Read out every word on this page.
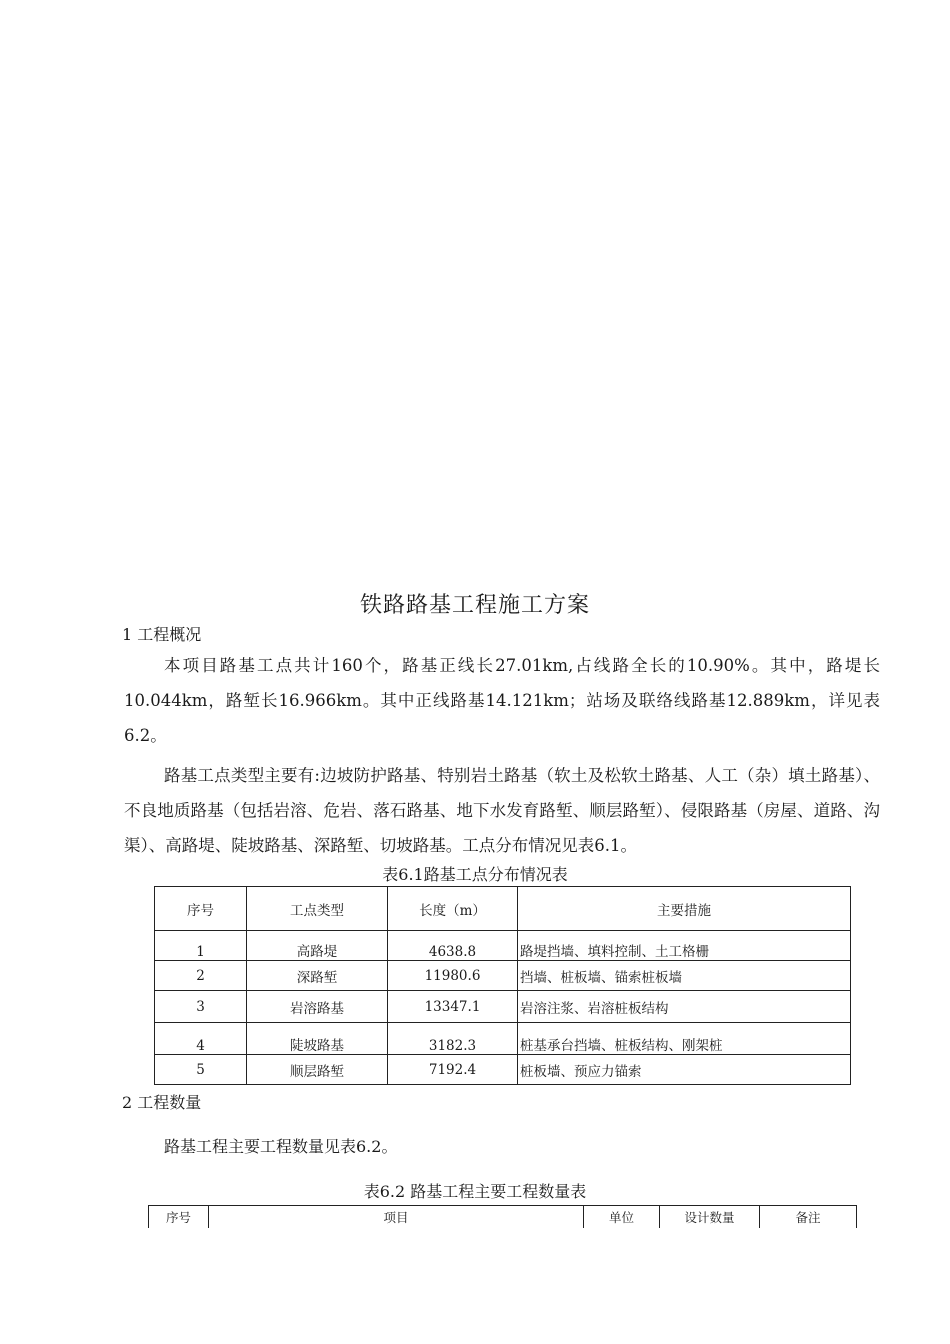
铁路路基工程施工方案
1 工程概况

本项目路基工点共计160个，路基正线长27.01km,占线路全长的10.90%。其中，路堤长10.044km，路堑长16.966km。其中正线路基14.121km；站场及联络线路基12.889km，详见表6.2。

路基工点类型主要有:边坡防护路基、特别岩土路基（软土及松软土路基、人工（杂）填土路基）、不良地质路基（包括岩溶、危岩、落石路基、地下水发育路堑、顺层路堑）、侵限路基（房屋、道路、沟渠）、高路堤、陡坡路基、深路堑、切坡路基。工点分布情况见表6.1。

表6.1路基工点分布情况表
序号	工点类型	长度（m）	主要措施
1	高路堤	4638.8	路堤挡墙、填料控制、土工格栅
2	深路堑	11980.6	挡墙、桩板墙、锚索桩板墙
3	岩溶路基	13347.1	岩溶注浆、岩溶桩板结构
4	陡坡路基	3182.3	桩基承台挡墙、桩板结构、刚架桩
5	顺层路堑	7192.4	桩板墙、预应力锚索
2 工程数量
路基工程主要工程数量见表6.2。
表6.2 路基工程主要工程数量表
序号	项目	单位	设计数量	备注
